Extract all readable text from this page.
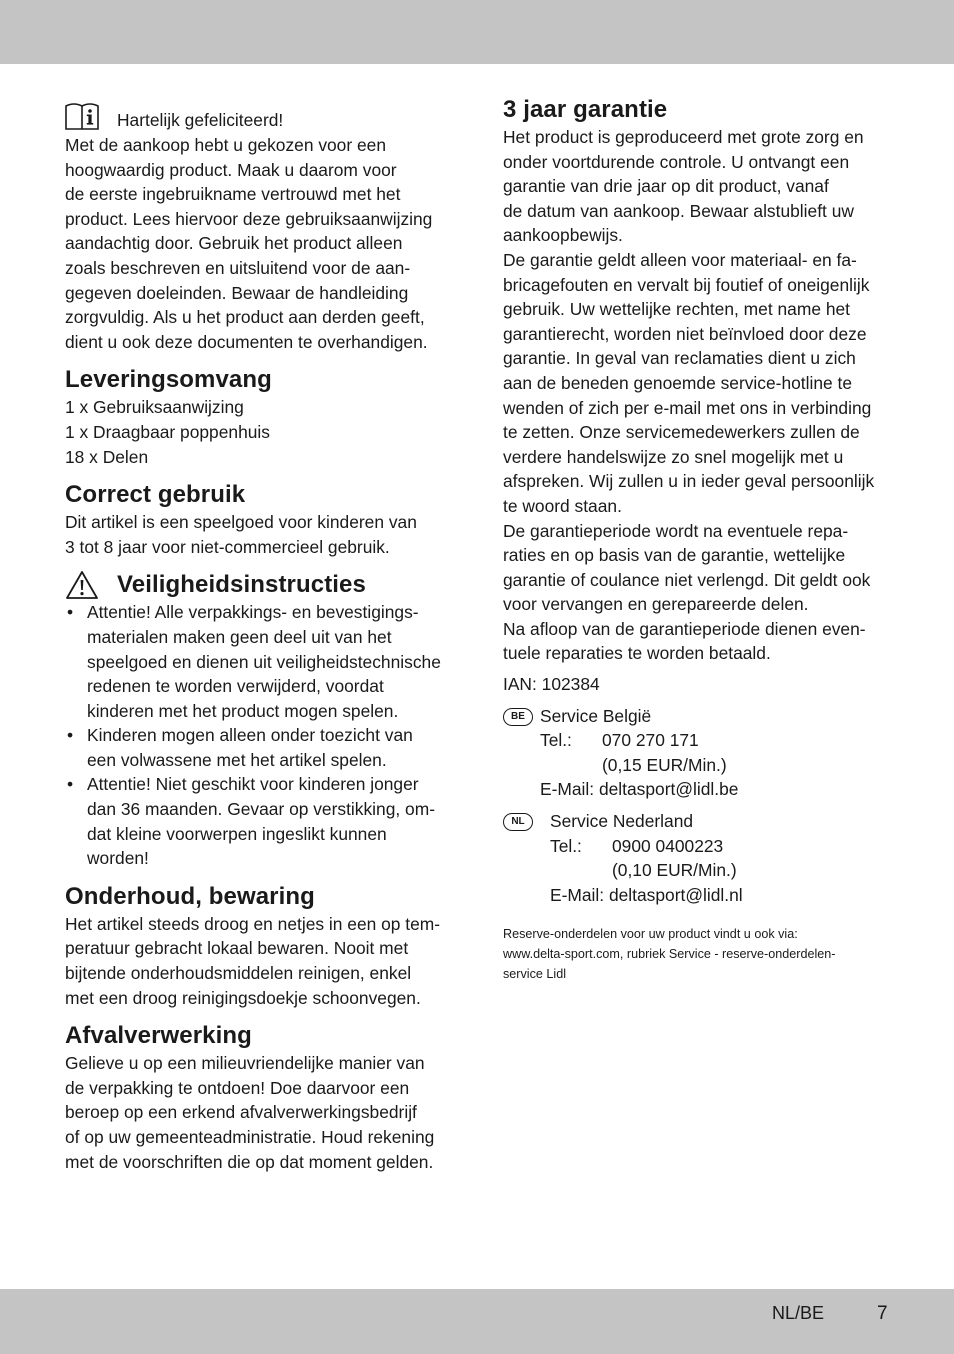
Hartelijk gefeliciteerd!

Met de aankoop hebt u gekozen voor een

hoogwaardig product. Maak u daarom voor

de eerste ingebruikname vertrouwd met het

product. Lees hiervoor deze gebruiksaanwijzing

aandachtig door. Gebruik het product alleen

zoals beschreven en uitsluitend voor de aan-

gegeven doeleinden. Bewaar de handleiding

zorgvuldig. Als u het product aan derden geeft,

dient u ook deze documenten te overhandigen.

Leveringsomvang

1 x Gebruiksaanwijzing

1 x Draagbaar poppenhuis

18 x Delen

Correct gebruik

Dit artikel is een speelgoed voor kinderen van

3 tot 8 jaar voor niet-commercieel gebruik.

Veiligheidsinstructies
• Attentie! Alle verpakkings- en bevestigings-
materialen maken geen deel uit van het
speelgoed en dienen uit veiligheidstechnische
redenen te worden verwijderd, voordat
kinderen met het product mogen spelen.
• Kinderen mogen alleen onder toezicht van
een volwassene met het artikel spelen.
• Attentie! Niet geschikt voor kinderen jonger
dan 36 maanden. Gevaar op verstikking, om-
dat kleine voorwerpen ingeslikt kunnen
worden!
Onderhoud, bewaring

Het artikel steeds droog en netjes in een op tem-

peratuur gebracht lokaal bewaren. Nooit met

bijtende onderhoudsmiddelen reinigen, enkel

met een droog reinigingsdoekje schoonvegen.

Afvalverwerking

Gelieve u op een milieuvriendelijke manier van

de verpakking te ontdoen! Doe daarvoor een

beroep op een erkend afvalverwerkingsbedrijf

of op uw gemeenteadministratie. Houd rekening

met de voorschriften die op dat moment gelden.

3 jaar garantie

Het product is geproduceerd met grote zorg en

onder voortdurende controle. U ontvangt een

garantie van drie jaar op dit product, vanaf

de datum van aankoop. Bewaar alstublieft uw

aankoopbewijs.

De garantie geldt alleen voor materiaal- en fa-

bricagefouten en vervalt bij foutief of oneigenlijk

gebruik. Uw wettelijke rechten, met name het

garantierecht, worden niet beïnvloed door deze

garantie. In geval van reclamaties dient u zich

aan de beneden genoemde service-hotline te

wenden of zich per e-mail met ons in verbinding

te zetten. Onze servicemedewerkers zullen de

verdere handelswijze zo snel mogelijk met u

afspreken. Wij zullen u in ieder geval persoonlijk

te woord staan.

De garantieperiode wordt na eventuele repa-

raties en op basis van de garantie, wettelijke

garantie of coulance niet verlengd. Dit geldt ook

voor vervangen en gerepareerde delen.

Na afloop van de garantieperiode dienen even-

tuele reparaties te worden betaald.

IAN: 102384

BE Service België

Tel.:	070 270 171

(0,15 EUR/Min.)

E-Mail:
deltasport@lidl.be

NL	Service Nederland

Tel.:	0900 0400223

(0,10 EUR/Min.)

E-Mail:
deltasport@lidl.nl

Reserve-onderdelen voor uw product vindt u ook via:
www.delta-sport.com, rubriek Service - reserve-onderdelen-
service Lidl
NL/BE	7
